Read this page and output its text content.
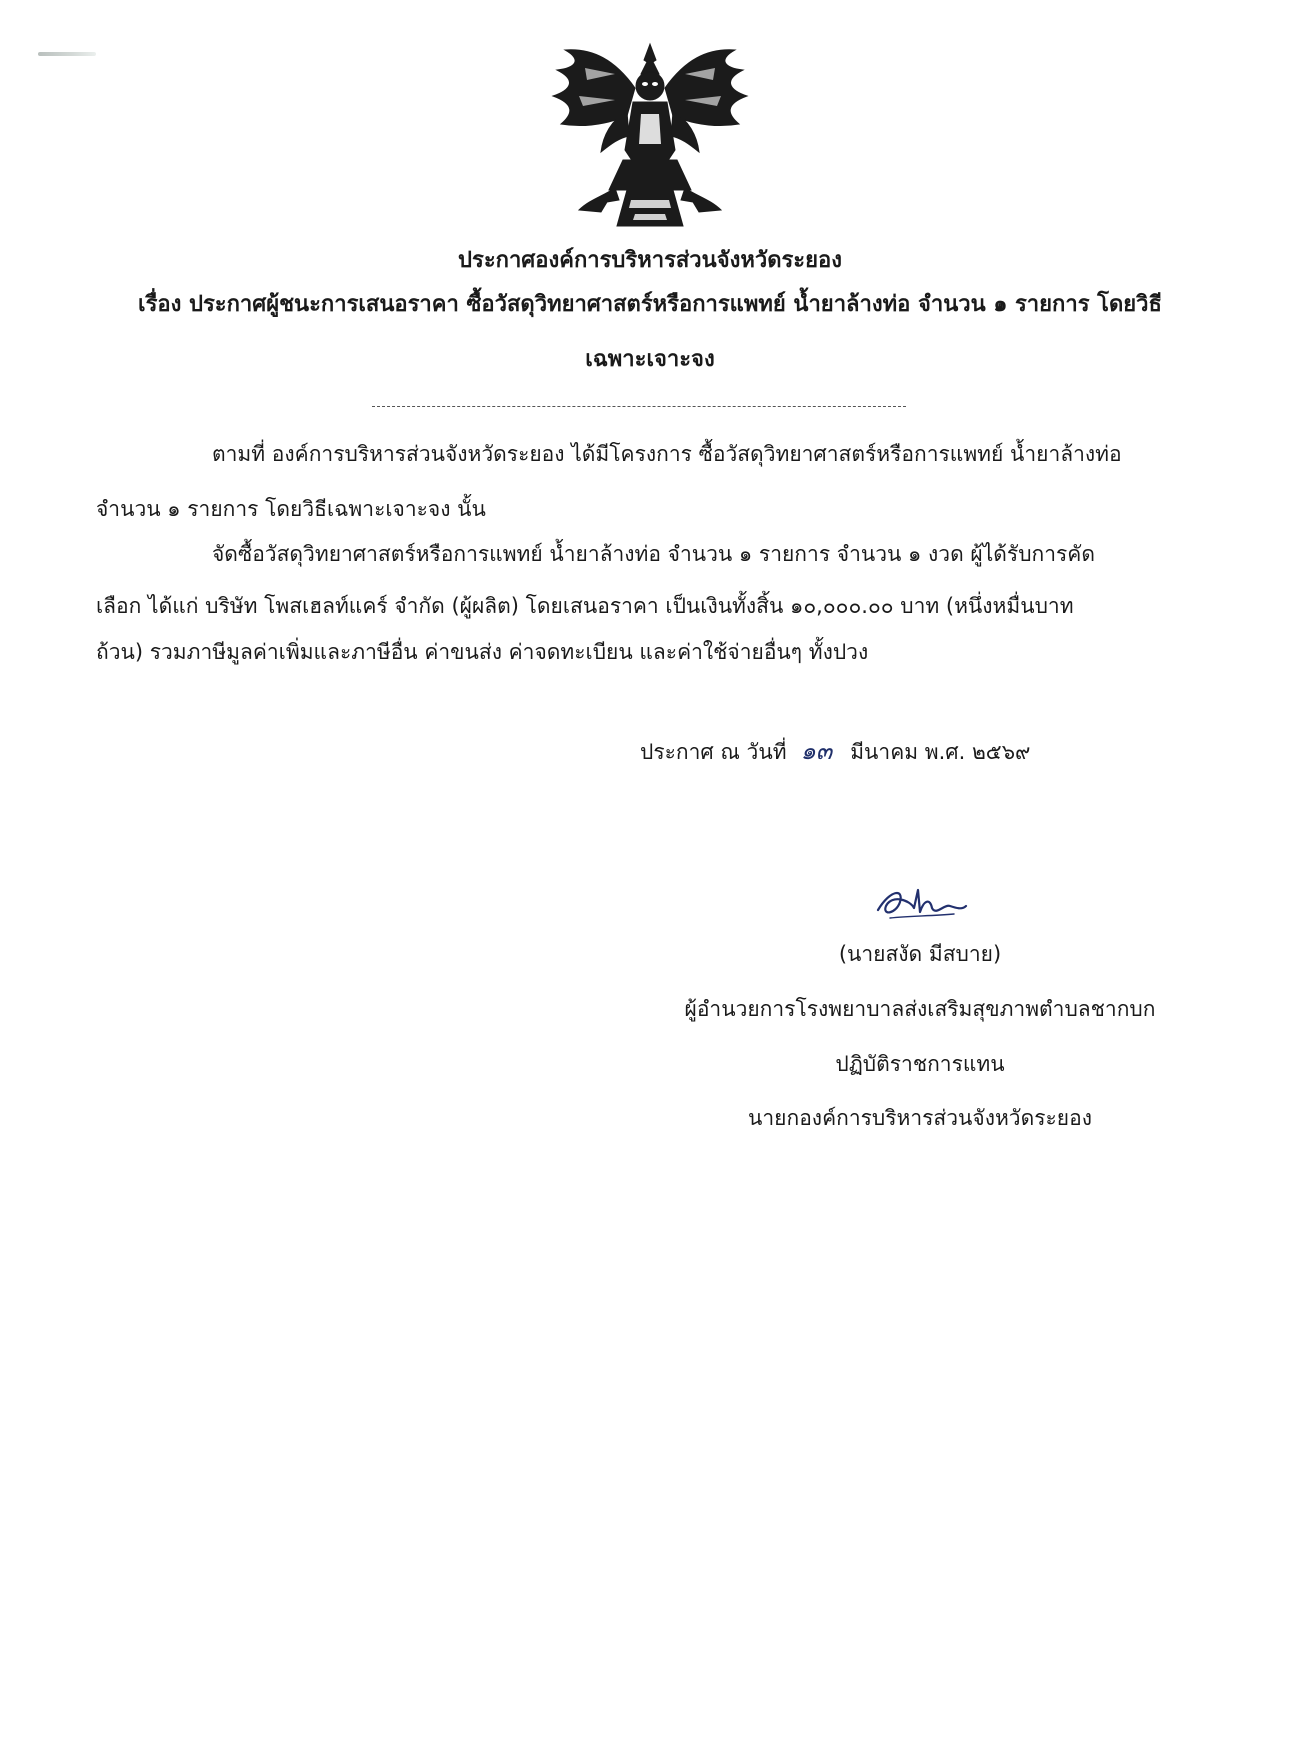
ประกาศองค์การบริหารส่วนจังหวัดระยอง
เรื่อง ประกาศผู้ชนะการเสนอราคา ซื้อวัสดุวิทยาศาสตร์หรือการแพทย์ น้ำยาล้างท่อ จำนวน ๑ รายการ โดยวิธี
เฉพาะเจาะจง
ตามที่ องค์การบริหารส่วนจังหวัดระยอง ได้มีโครงการ ซื้อวัสดุวิทยาศาสตร์หรือการแพทย์ น้ำยาล้างท่อ
จำนวน ๑ รายการ โดยวิธีเฉพาะเจาะจง นั้น
จัดซื้อวัสดุวิทยาศาสตร์หรือการแพทย์ น้ำยาล้างท่อ จำนวน ๑ รายการ จำนวน ๑ งวด ผู้ได้รับการคัด
เลือก ได้แก่ บริษัท โพสเฮลท์แคร์ จำกัด (ผู้ผลิต) โดยเสนอราคา เป็นเงินทั้งสิ้น ๑๐,๐๐๐.๐๐ บาท (หนึ่งหมื่นบาท
ถ้วน) รวมภาษีมูลค่าเพิ่มและภาษีอื่น ค่าขนส่ง ค่าจดทะเบียน และค่าใช้จ่ายอื่นๆ ทั้งปวง
ประกาศ ณ วันที่ ๑๓ มีนาคม พ.ศ. ๒๕๖๙
(นายสงัด มีสบาย)
ผู้อำนวยการโรงพยาบาลส่งเสริมสุขภาพตำบลชากบก
ปฏิบัติราชการแทน
นายกองค์การบริหารส่วนจังหวัดระยอง
